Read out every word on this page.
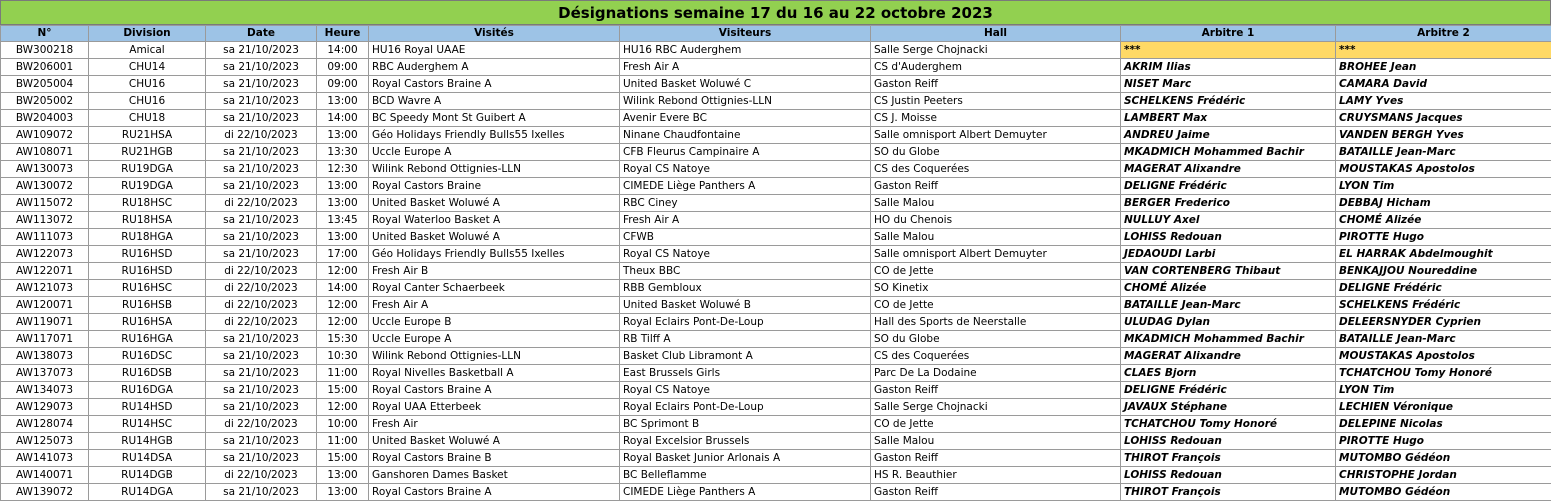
Désignations semaine 17 du 16 au 22 octobre 2023
N°	Division	Date	Heure	Visités	Visiteurs	Hall	Arbitre 1	Arbitre 2
BW300218	Amical	sa 21/10/2023	14:00	HU16 Royal UAAE	HU16 RBC Auderghem	Salle Serge Chojnacki	***	***
BW206001	CHU14	sa 21/10/2023	09:00	RBC Auderghem A	Fresh Air A	CS d'Auderghem	AKRIM Ilias	BROHEE Jean
BW205004	CHU16	sa 21/10/2023	09:00	Royal Castors Braine A	United Basket Woluwé C	Gaston Reiff	NISET Marc	CAMARA David
BW205002	CHU16	sa 21/10/2023	13:00	BCD Wavre A	Wilink Rebond Ottignies-LLN	CS Justin Peeters	SCHELKENS Frédéric	LAMY Yves
BW204003	CHU18	sa 21/10/2023	14:00	BC Speedy Mont St Guibert A	Avenir Evere BC	CS J. Moisse	LAMBERT Max	CRUYSMANS Jacques
AW109072	RU21HSA	di 22/10/2023	13:00	Géo Holidays Friendly Bulls55 Ixelles	Ninane Chaudfontaine	Salle omnisport Albert Demuyter	ANDREU Jaime	VANDEN BERGH Yves
AW108071	RU21HGB	sa 21/10/2023	13:30	Uccle Europe A	CFB Fleurus Campinaire A	SO du Globe	MKADMICH Mohammed Bachir	BATAILLE Jean-Marc
AW130073	RU19DGA	sa 21/10/2023	12:30	Wilink Rebond Ottignies-LLN	Royal CS Natoye	CS des Coquerées	MAGERAT Alixandre	MOUSTAKAS Apostolos
AW130072	RU19DGA	sa 21/10/2023	13:00	Royal Castors Braine	CIMEDE Liège Panthers A	Gaston Reiff	DELIGNE Frédéric	LYON Tim
AW115072	RU18HSC	di 22/10/2023	13:00	United Basket Woluwé A	RBC Ciney	Salle Malou	BERGER Frederico	DEBBAJ Hicham
AW113072	RU18HSA	sa 21/10/2023	13:45	Royal Waterloo Basket A	Fresh Air A	HO du Chenois	NULLUY Axel	CHOMÉ Alizée
AW111073	RU18HGA	sa 21/10/2023	13:00	United Basket Woluwé A	CFWB	Salle Malou	LOHISS Redouan	PIROTTE Hugo
AW122073	RU16HSD	sa 21/10/2023	17:00	Géo Holidays Friendly Bulls55 Ixelles	Royal CS Natoye	Salle omnisport Albert Demuyter	JEDAOUDI Larbi	EL HARRAK Abdelmoughit
AW122071	RU16HSD	di 22/10/2023	12:00	Fresh Air B	Theux BBC	CO de Jette	VAN CORTENBERG Thibaut	BENKAJJOU Noureddine
AW121073	RU16HSC	di 22/10/2023	14:00	Royal Canter Schaerbeek	RBB Gembloux	SO Kinetix	CHOMÉ Alizée	DELIGNE Frédéric
AW120071	RU16HSB	di 22/10/2023	12:00	Fresh Air A	United Basket Woluwé B	CO de Jette	BATAILLE Jean-Marc	SCHELKENS Frédéric
AW119071	RU16HSA	di 22/10/2023	12:00	Uccle Europe B	Royal Eclairs Pont-De-Loup	Hall des Sports de Neerstalle	ULUDAG Dylan	DELEERSNYDER Cyprien
AW117071	RU16HGA	sa 21/10/2023	15:30	Uccle Europe A	RB Tilff A	SO du Globe	MKADMICH Mohammed Bachir	BATAILLE Jean-Marc
AW138073	RU16DSC	sa 21/10/2023	10:30	Wilink Rebond Ottignies-LLN	Basket Club Libramont A	CS des Coquerées	MAGERAT Alixandre	MOUSTAKAS Apostolos
AW137073	RU16DSB	sa 21/10/2023	11:00	Royal Nivelles Basketball A	East Brussels Girls	Parc De La Dodaine	CLAES Bjorn	TCHATCHOU Tomy Honoré
AW134073	RU16DGA	sa 21/10/2023	15:00	Royal Castors Braine A	Royal CS Natoye	Gaston Reiff	DELIGNE Frédéric	LYON Tim
AW129073	RU14HSD	sa 21/10/2023	12:00	Royal UAA Etterbeek	Royal Eclairs Pont-De-Loup	Salle Serge Chojnacki	JAVAUX Stéphane	LECHIEN Véronique
AW128074	RU14HSC	di 22/10/2023	10:00	Fresh Air	BC Sprimont B	CO de Jette	TCHATCHOU Tomy Honoré	DELEPINE Nicolas
AW125073	RU14HGB	sa 21/10/2023	11:00	United Basket Woluwé A	Royal Excelsior Brussels	Salle Malou	LOHISS Redouan	PIROTTE Hugo
AW141073	RU14DSA	sa 21/10/2023	15:00	Royal Castors Braine B	Royal Basket Junior Arlonais A	Gaston Reiff	THIROT François	MUTOMBO Gédéon
AW140071	RU14DGB	di 22/10/2023	13:00	Ganshoren Dames Basket	BC Belleflamme	HS R. Beauthier	LOHISS Redouan	CHRISTOPHE Jordan
AW139072	RU14DGA	sa 21/10/2023	13:00	Royal Castors Braine A	CIMEDE Liège Panthers A	Gaston Reiff	THIROT François	MUTOMBO Gédéon
